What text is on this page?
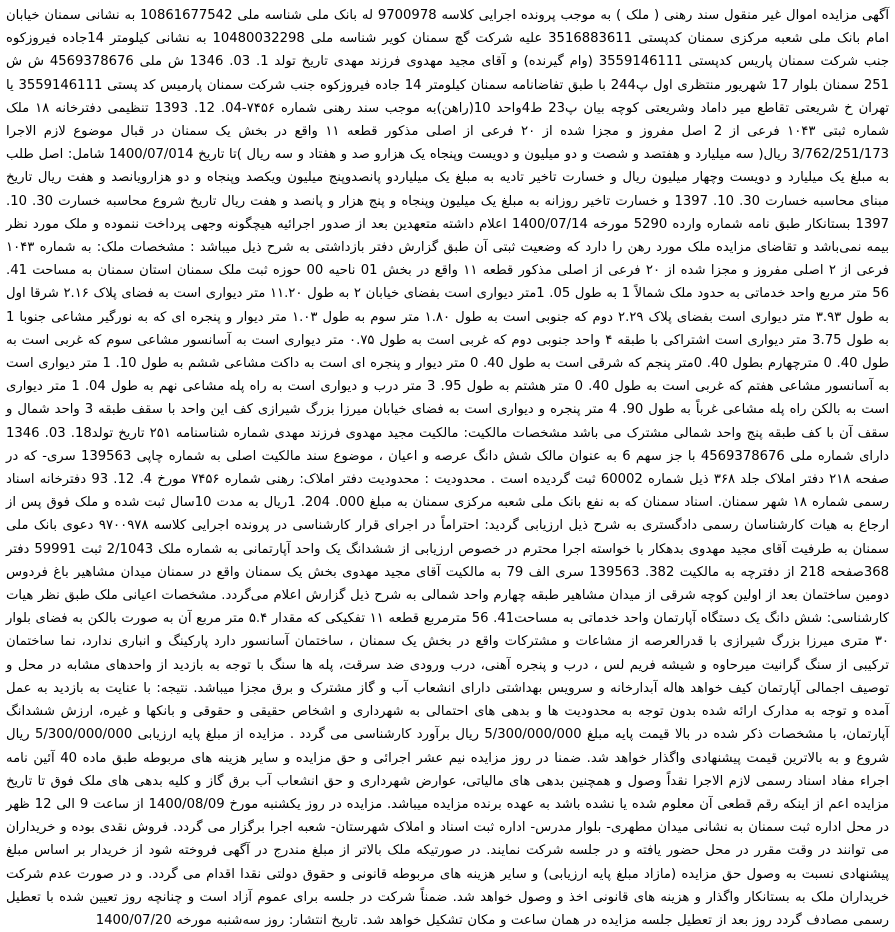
آگهی مزایده اموال غیر منقول سند رهنی ( ملک ) به موجب پرونده اجرایی کلاسه 9700978 له بانک ملی شناسه ملی 10861677542 به نشانی سمنان خیابان امام بانک ملی شعبه مرکزی سمنان کدپستی 3516883611 علیه شرکت گچ سمنان کویر شناسه ملی 10480032298 به نشانی کیلومتر 14جاده فیروزکوه جنب شرکت سمنان پاریس کدپستی 3559146111 (وام گیرنده) و آقای مجید مهدوی فرزند مهدی تاریخ تولد 1. 03. 1346 ش ملی 4569378676 ش ش 251 سمنان بلوار 17 شهریور منتظری اول پ244 با طبق تفاضانامه سمنان کیلومتر 14 جاده فیروزکوه جنب شرکت سمنان پارمیس کد پستی 3559146111 یا تهران خ شریعتی تقاطع میر داماد وشریعتی کوچه بیان پ23 ط4واحد 10(راهن)به موجب سند رهنی شماره ۷۴۵۶-04. 12. 1393 تنظیمی دفترخانه ۱۸ ملک شماره ثبتی ۱۰۴۳ فرعی از 2 اصل مفروز و مجزا شده از ۲۰ فرعی از اصلی مذکور قطعه ۱۱ واقع در بخش یک سمنان در قبال موضوع لازم الاجرا 3/762/251/173 ریال( سه میلیارد و هفتصد و شصت و دو میلیون و دویست وپنجاه یک هزارو صد و هفتاد و سه ریال )تا تاریخ 1400/07/014 شامل: اصل طلب به مبلغ یک میلیارد و دویست وچهار میلیون ریال و خسارت تاخیر تادیه به مبلغ یک میلیاردو پانصدوپنج میلیون ویکصد وپنجاه و دو هزارویانصد و هفت ریال تاریخ مبنای محاسبه خسارت 30. 10. 1397 و خسارت تاخیر روزانه به مبلغ یک میلیون وپنجاه و پنج هزار و پانصد و هفت ریال تاریخ شروع محاسبه خسارت 30. 10. 1397 بستانکار طبق نامه شماره وارده 5290 مورخه 1400/07/14 اعلام داشته متعهدین بعد از صدور اجرائیه هیچگونه وجهی پرداخت ننموده و ملک مورد نظر بیمه نمی‌باشد و تقاضای مزایده ملک مورد رهن را دارد که وضعیت ثبتی آن طبق گزارش دفتر بازداشتی به شرح ذیل میباشد : مشخصات ملک: به شماره ۱۰۴۳ فرعی از ۲ اصلی مفروز و مجزا شده از ۲۰ فرعی از اصلی مذکور قطعه ۱۱ واقع در بخش 01 ناحیه 00 حوزه ثبت ملک سمنان استان سمنان به مساحت 41. 56 متر مربع واحد خدماتی به حدود ملک شمالاً 1 به طول 05. 1متر دیواری است بفضای خیابان ۲ به طول ۱۱.۲۰ متر دیواری است به فضای پلاک ۲.۱۶ شرقا اول به طول ۳.۹۳ متر دیواری است بفضای پلاک ۲.۲۹ دوم که جنوبی است به طول ۱.۸۰ متر سوم به طول ۱.۰۳ متر دیوار و پنجره ای که به نورگیر مشاعی جنوبا 1 به طول 3.75 متر دیواری است اشتراکی با طبقه ۴ واحد جنوبی دوم که غربی است به طول ۰.۷۵ متر دیواری است به آسانسور مشاعی سوم که غربی است به طول 40. 0 مترچهارم بطول 40. 0متر پنجم که شرقی است به طول 40. 0 متر دیوار و پنجره ای است به داکت مشاعی ششم به طول 10. 1 متر دیواری است به آسانسور مشاعی هفتم که غربی است به طول 40. 0 متر هشتم به طول 95. 3 متر درب و دیواری است به راه پله مشاعی نهم به طول 04. 1 متر دیواری است به بالکن راه پله مشاعی غرباً به طول 90. 4 متر پنجره و دیواری است به فضای خیابان میرزا بزرگ شیرازی کف این واحد با سقف طبقه 3 واحد شمال و سقف آن با کف طبقه پنج واحد شمالی مشترک می باشد مشخصات مالکیت: مالکیت مجید مهدوی فرزند مهدی شماره شناسنامه ۲۵۱ تاریخ تولد18. 03. 1346 دارای شماره ملی 4569378676 با جز سهم 6 به عنوان مالک شش دانگ عرصه و اعیان ، موضوع سند مالکیت اصلی به شماره چاپی 139563 سری- که در صفحه ۲۱۸ دفتر املاک جلد ۳۶۸ ذیل شماره 60002 ثبت گردیده است . محدودیت : محدودیت دفتر املاک: رهنی شماره ۷۴۵۶ مورخ 4. 12. 93 دفترخانه اسناد رسمی شماره ۱۸ شهر سمنان. اسناد سمنان که به نفع بانک ملی شعبه مرکزی سمنان به مبلغ 000. 204. 1ریال به مدت 10سال ثبت شده و ملک فوق پس از ارجاع به هیات کارشناسان رسمی دادگستری به شرح ذیل ارزیابی گردید: احتراماً در اجرای قرار کارشناسی در پرونده اجرایی کلاسه ۹۷۰۰۹۷۸ دعوی بانک ملی سمنان به طرفیت آقای مجید مهدوی بدهکار با خواسته اجرا محترم در خصوص ارزیابی از ششدانگ یک واحد آپارتمانی به شماره ملک 2/1043 ثبت 59991 دفتر 368صفحه 218 از دفترچه به مالکیت 382. 139563 سری الف 79 به مالکیت آقای مجید مهدوی بخش یک سمنان واقع در سمنان میدان مشاهیر باغ فردوس دومین ساختمان بعد از اولین کوچه شرقی از میدان مشاهیر طبقه چهارم واحد شمالی به شرح ذیل گزارش اعلام می‌گردد. مشخصات اعیانی ملک طبق نظر هیات کارشناسی: شش دانگ یک دستگاه آپارتمان واحد خدماتی به مساحت41. 56 مترمربع قطعه ۱۱ تفکیکی که مقدار ۵.۴ متر مربع آن به صورت بالکن به فضای بلوار ۳۰ متری میرزا بزرگ شیرازی با قدرالعرصه از مشاعات و مشترکات واقع در بخش یک سمنان ، ساختمان آسانسور دارد پارکینگ و انباری ندارد، نما ساختمان ترکیبی از سنگ گرانیت میرحاوه و شیشه فریم لس ، درب و پنجره آهنی، درب ورودی ضد سرقت، پله ها سنگ با توجه به بازدید از واحدهای مشابه در محل و توصیف اجمالی آپارتمان کیف خواهد هاله آبدارخانه و سرویس بهداشتی دارای انشعاب آب و گاز مشترک و برق مجزا میباشد. نتیجه: با عنایت به بازدید به عمل آمده و توجه به مدارک ارائه شده بدون توجه به محدودیت ها و بدهی های احتمالی به شهرداری و اشخاص حقیقی و حقوقی و بانکها و غیره، ارزش ششدانگ آپارتمان، با مشخصات ذکر شده در بالا قیمت پایه مبلغ 5/300/000/000 ریال برآورد کارشناسی می گردد . مزایده از مبلغ پایه ارزیابی 5/300/000/000 ریال شروع و به بالاترین قیمت پیشنهادی واگذار خواهد شد. ضمنا در روز مزایده نیم عشر اجرائی و حق مزایده و سایر هزینه های مربوطه طبق ماده 40 آئین نامه اجراء مفاد اسناد رسمی لازم الاجرا نقداً وصول و همچنین بدهی های مالیاتی، عوارض شهرداری و حق انشعاب آب برق گاز و کلیه بدهی های ملک فوق تا تاریخ مزایده اعم از اینکه رقم قطعی آن معلوم شده یا نشده باشد به عهده برنده مزایده میباشد. مزایده در روز یکشنبه مورخ 1400/08/09 از ساعت 9 الی 12 ظهر در محل اداره ثبت سمنان به نشانی میدان مطهری- بلوار مدرس- اداره ثبت اسناد و املاک شهرستان- شعبه اجرا برگزار می گردد. فروش نقدی بوده و خریداران می توانند در وقت مقرر در محل حضور یافته و در جلسه شرکت نمایند. در صورتیکه ملک بالاتر از مبلغ مندرج در آگهی فروخته شود از خریدار بر اساس مبلغ پیشنهادی نسبت به وصول حق مزایده (مازاد مبلغ پایه ارزیابی) و سایر هزینه های مربوطه قانونی و حقوق دولتی نقدا اقدام می گردد. و در صورت عدم شرکت خریداران ملک به بستانکار واگذار و هزینه های قانونی اخذ و وصول خواهد شد. ضمناً شرکت در جلسه برای عموم آزاد است و چنانچه روز تعیین شده با تعطیل رسمی مصادف گردد روز بعد از تعطیل جلسه مزایده در همان ساعت و مکان تشکیل خواهد شد. تاریخ انتشار: روز سه‌شنبه مورخه 1400/07/20
